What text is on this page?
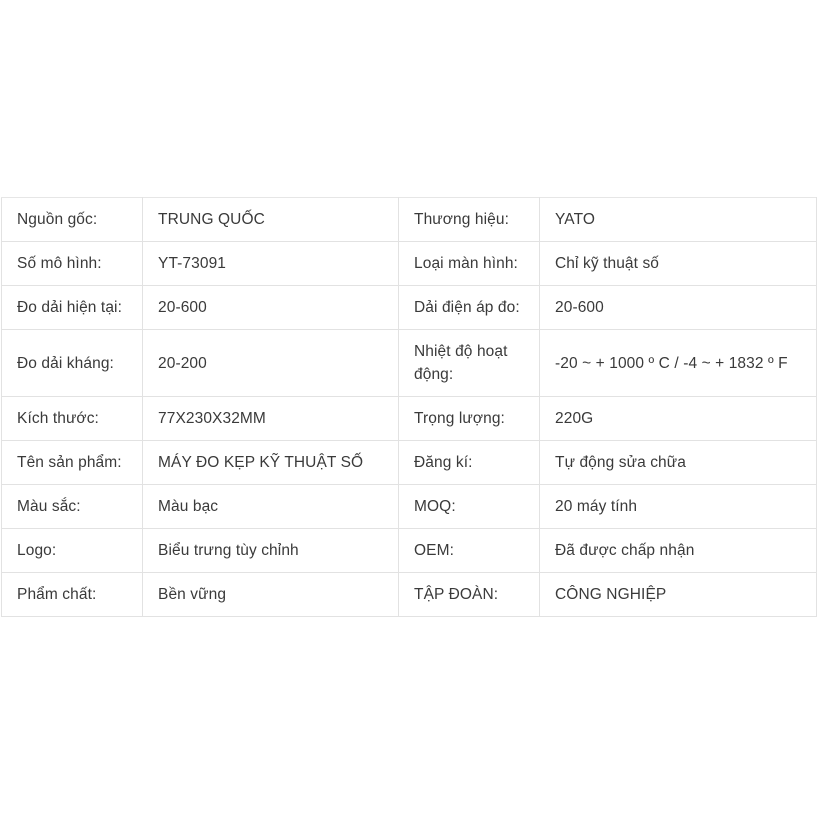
Nguồn gốc:	TRUNG QUỐC	Thương hiệu:	YATO
Số mô hình:	YT-73091	Loại màn hình:	Chỉ kỹ thuật số
Đo dải hiện tại:	20-600	Dải điện áp đo:	20-600
Đo dải kháng:	20-200	Nhiệt độ hoạt động:	-20 ~ + 1000 º C / -4 ~ + 1832 º F
Kích thước:	77X230X32MM	Trọng lượng:	220G
Tên sản phẩm:	MÁY ĐO KẸP KỸ THUẬT SỐ	Đăng kí:	Tự động sửa chữa
Màu sắc:	Màu bạc	MOQ:	20 máy tính
Logo:	Biểu trưng tùy chỉnh	OEM:	Đã được chấp nhận
Phẩm chất:	Bền vững	TẬP ĐOÀN:	CÔNG NGHIỆP
